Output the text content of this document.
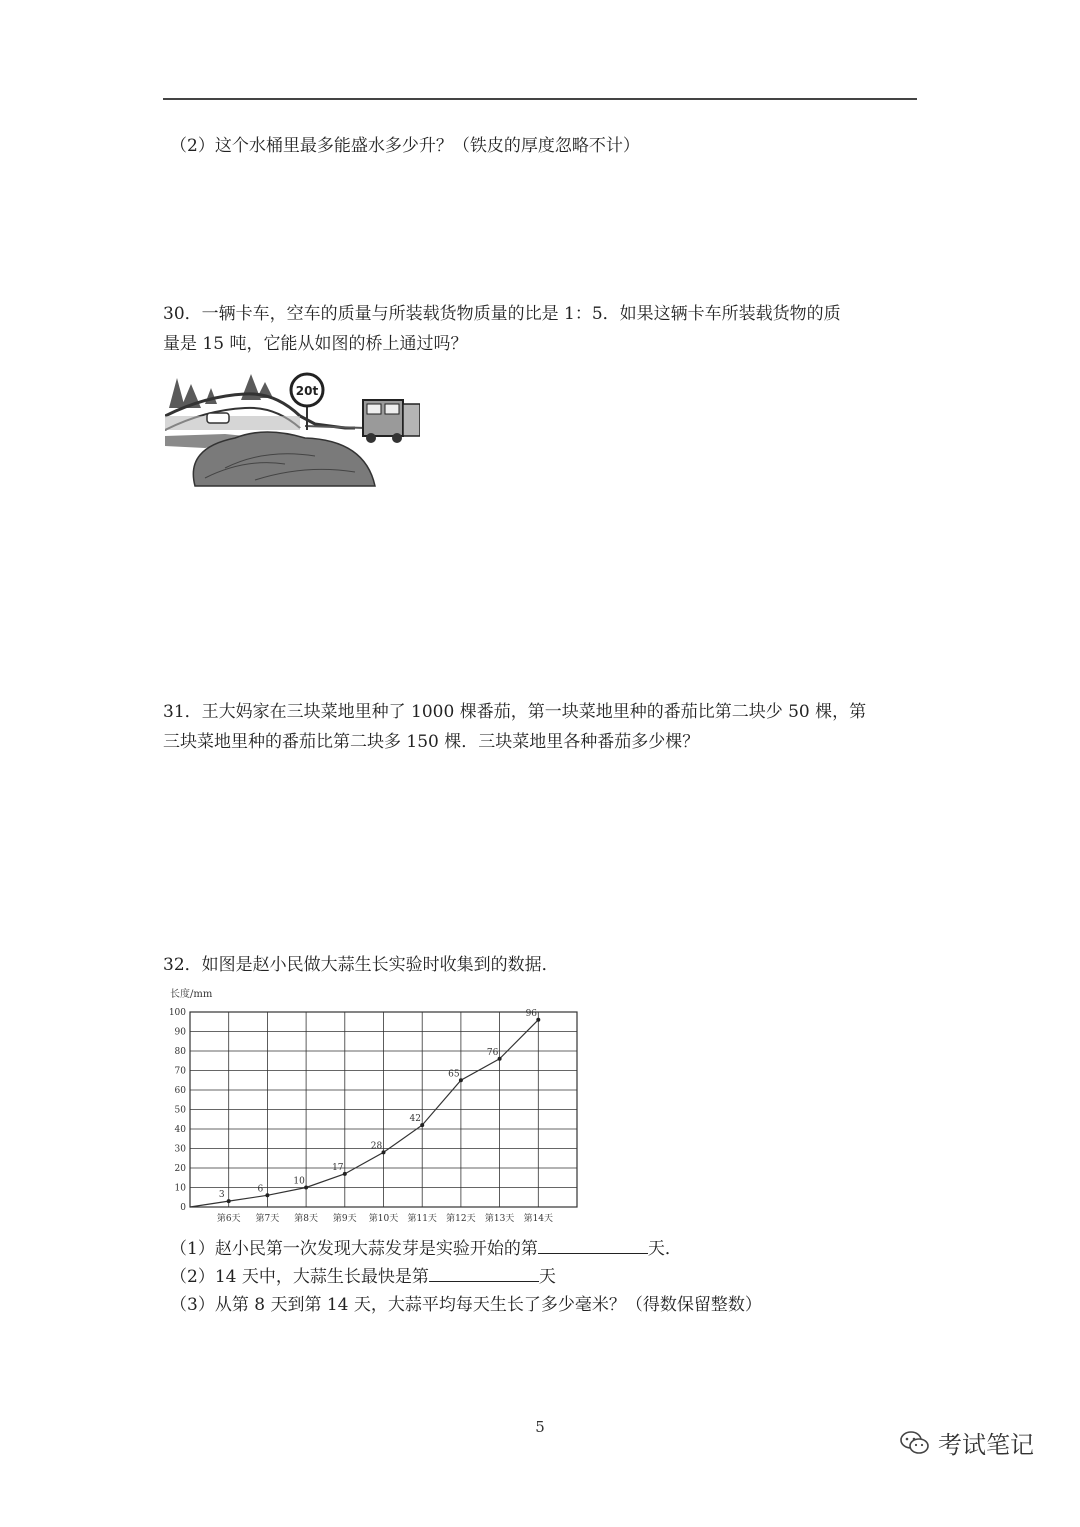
（2）这个水桶里最多能盛水多少升？（铁皮的厚度忽略不计）
30．一辆卡车，空车的质量与所装载货物质量的比是 1：5．如果这辆卡车所装载货物的质
量是 15 吨，它能从如图的桥上通过吗？
20t
31．王大妈家在三块菜地里种了 1000 棵番茄，第一块菜地里种的番茄比第二块少 50 棵，第
三块菜地里种的番茄比第二块多 150 棵．三块菜地里各种番茄多少棵？
32．如图是赵小民做大蒜生长实验时收集到的数据．
长度/mm
0
10
20
30
40
50
60
70
80
90
100
第6天 第7天 第8天 第9天 第10天 第11天 第12天 第13天 第14天
3
6
10
17
28
42
65
76
96
（1）赵小民第一次发现大蒜发芽是实验开始的第	天．
（2）14 天中，大蒜生长最快是第	天
（3）从第 8 天到第 14 天，大蒜平均每天生长了多少毫米？（得数保留整数）
5
考试笔记
